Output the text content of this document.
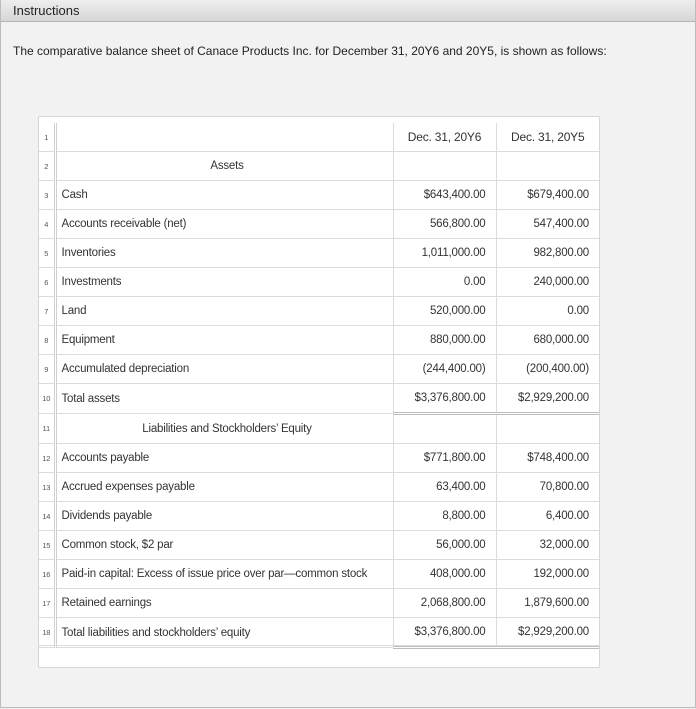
Instructions
The comparative balance sheet of Canace Products Inc. for December 31, 20Y6 and 20Y5, is shown as follows:
1		Dec. 31, 20Y6	Dec. 31, 20Y5
2	Assets		
3	Cash	$643,400.00	$679,400.00
4	Accounts receivable (net)	566,800.00	547,400.00
5	Inventories	1,011,000.00	982,800.00
6	Investments	0.00	240,000.00
7	Land	520,000.00	0.00
8	Equipment	880,000.00	680,000.00
9	Accumulated depreciation	(244,400.00)	(200,400.00)
10	Total assets	$3,376,800.00	$2,929,200.00
11	Liabilities and Stockholders’ Equity		
12	Accounts payable	$771,800.00	$748,400.00
13	Accrued expenses payable	63,400.00	70,800.00
14	Dividends payable	8,800.00	6,400.00
15	Common stock, $2 par	56,000.00	32,000.00
16	Paid-in capital: Excess of issue price over par—common stock	408,000.00	192,000.00
17	Retained earnings	2,068,800.00	1,879,600.00
18	Total liabilities and stockholders’ equity	$3,376,800.00	$2,929,200.00
